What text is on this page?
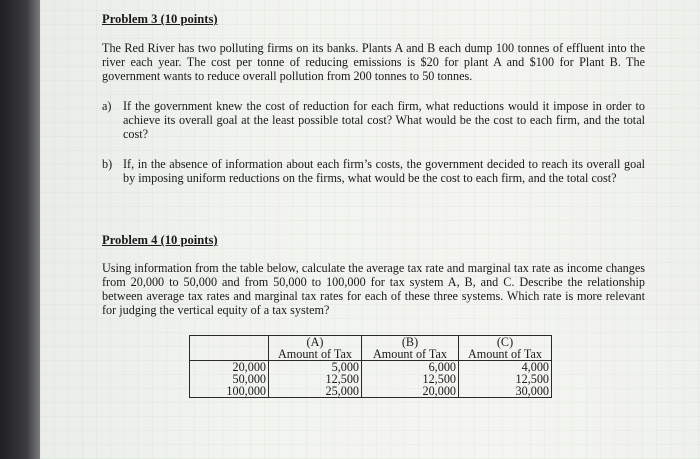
Problem 3 (10 points)
The Red River has two polluting firms on its banks. Plants A and B each dump 100 tonnes of effluent into the river each year. The cost per tonne of reducing emissions is $20 for plant A and $100 for Plant B. The government wants to reduce overall pollution from 200 tonnes to 50 tonnes.
a) If the government knew the cost of reduction for each firm, what reductions would it impose in order to achieve its overall goal at the least possible total cost? What would be the cost to each firm, and the total cost?
b) If, in the absence of information about each firm’s costs, the government decided to reach its overall goal by imposing uniform reductions on the firms, what would be the cost to each firm, and the total cost?
Problem 4 (10 points)
Using information from the table below, calculate the average tax rate and marginal tax rate as income changes from 20,000 to 50,000 and from 50,000 to 100,000 for tax system A, B, and C. Describe the relationship between average tax rates and marginal tax rates for each of these three systems. Which rate is more relevant for judging the vertical equity of a tax system?
	(A)	(B)	(C)
	Amount of Tax	Amount of Tax	Amount of Tax
20,000	5,000	6,000	4,000
50,000	12,500	12,500	12,500
100,000	25,000	20,000	30,000
